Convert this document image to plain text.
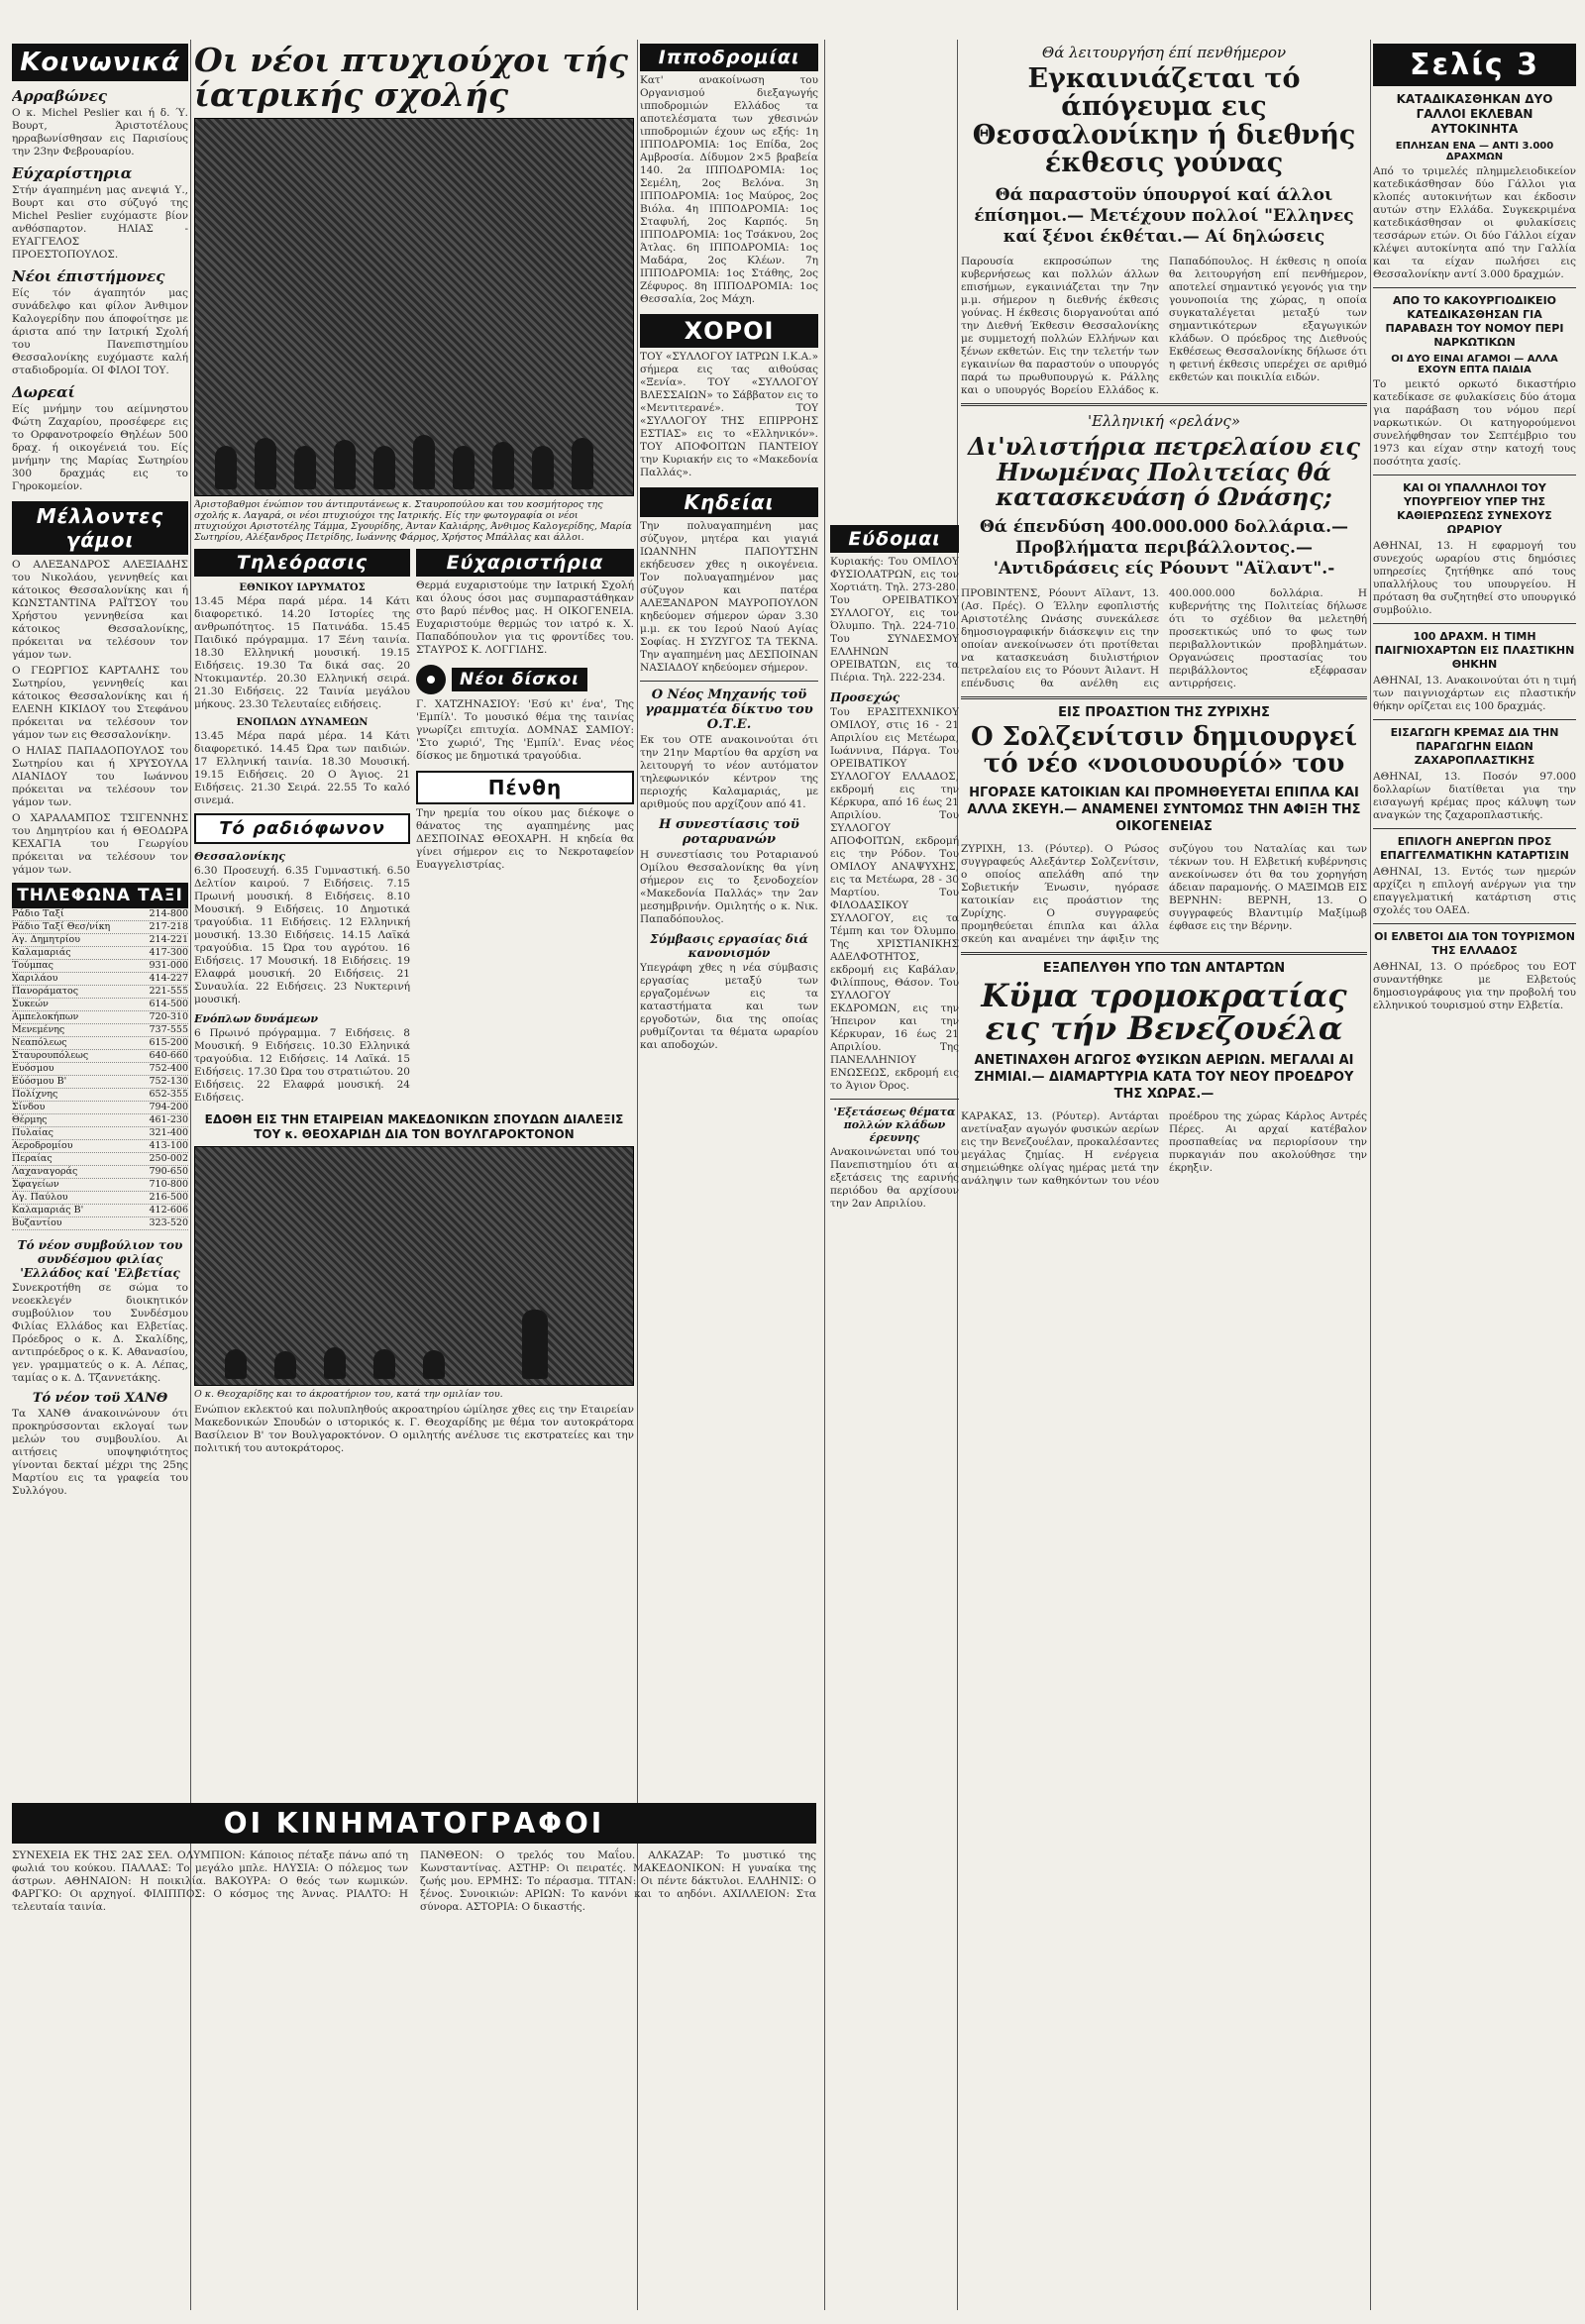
Κοινωνικά
Αρραβώνες
Ο κ. Michel Peslier και ή δ. Ύ. Βουρτ, Άριστοτέλους ηρραβωνίσθησαν εις Παρισίους την 23ην Φεβρουαρίου.
Εύχαρίστηρια
Στήν άγαπημένη μας ανεψιά Υ., Βουρτ και στο σύζυγό της Michel Peslier ευχόμαστε βίον ανθόσπαρτον. ΗΛΙΑΣ - ΕΥΑΓΓΕΛΟΣ ΠΡΟΕΣΤΟΠΟΥΛΟΣ.
Νέοι έπιστήμονες
Είς τόν άγαπητόν μας συνάδελφο και φίλον Άνθιμον Καλογερίδην που άποφοίτησε με άριστα από την Ιατρική Σχολή του Πανεπιστημίου Θεσσαλονίκης ευχόμαστε καλή σταδιοδρομία. ΟΙ ΦΙΛΟΙ ΤΟΥ.
Δωρεαί
Είς μνήμην του αείμνηστου Φώτη Ζαχαρίου, προσέφερε εις το Ορφανοτροφείο Θηλέων 500 δραχ. ή οικογένειά του. Είς μνήμην της Μαρίας Σωτηρίου 300 δραχμάς εις το Γηροκομείον.
Μέλλοντες γάμοι

Ο ΑΛΕΞΑΝΔΡΟΣ ΑΛΕΞΙΑΔΗΣ του Νικολάου, γεννηθείς και κάτοικος Θεσσαλονίκης και ή ΚΩΝΣΤΑΝΤΙΝΑ ΡΑΪΤΣΟΥ του Χρήστου γεννηθείσα και κάτοικος Θεσσαλονίκης, πρόκειται να τελέσουν τον γάμον των.

Ο ΓΕΩΡΓΙΟΣ ΚΑΡΤΑΛΗΣ του Σωτηρίου, γεννηθείς και κάτοικος Θεσσαλονίκης και ή ΕΛΕΝΗ ΚΙΚΙΔΟΥ του Στεφάνου πρόκειται να τελέσουν τον γάμον των εις Θεσσαλονίκην.

Ο ΗΛΙΑΣ ΠΑΠΑΔΟΠΟΥΛΟΣ του Σωτηρίου και ή ΧΡΥΣΟΥΛΑ ΛΙΑΝΙΔΟΥ του Ιωάννου πρόκειται να τελέσουν τον γάμον των.

Ο ΧΑΡΑΛΑΜΠΟΣ ΤΣΙΓΕΝΝΗΣ του Δημητρίου και ή ΘΕΟΔΩΡΑ ΚΕΧΑΓΙΑ του Γεωργίου πρόκειται να τελέσουν τον γάμον των.

ΤΗΛΕΦΩΝΑ ΤΑΞΙ
Ράδιο Ταξί	214-800
Ράδιο Ταξί Θεσ/νίκη	217-218
Αγ. Δημητρίου	214-221
Καλαμαριάς	417-300
Τούμπας	931-000
Χαριλάου	414-227
Πανοράματος	221-555
Συκεών	614-500
Αμπελοκήπων	720-310
Μενεμένης	737-555
Νεαπόλεως	615-200
Σταυρουπόλεως	640-660
Ευόσμου	752-400
Εύόσμου Β'	752-130
Πολίχνης	652-355
Σίνδου	794-200
Θέρμης	461-230
Πυλαίας	321-400
Αεροδρομίου	413-100
Περαίας	250-002
Λαχαναγοράς	790-650
Σφαγείων	710-800
Αγ. Παύλου	216-500
Καλαμαριάς Β'	412-606
Βυζαντίου	323-520
Τό νέον συμβούλιον του συνδέσμου φιλίας 'Ελλάδος καί 'Ελβετίας
Συνεκροτήθη σε σώμα το νεοεκλεγέν διοικητικόν συμβούλιον του Συνδέσμου Φιλίας Ελλάδος και Ελβετίας. Πρόεδρος ο κ. Δ. Σκαλίδης, αντιπρόεδρος ο κ. Κ. Αθανασίου, γεν. γραμματεύς ο κ. Α. Λέπας, ταμίας ο κ. Δ. Τζαννετάκης.
Τό νέον τοϋ ΧΑΝΘ
Τα ΧΑΝΘ άνακοινώνουν ότι προκηρύσσονται εκλογαί των μελών του συμβουλίου. Αι αιτήσεις υποψηφιότητος γίνονται δεκταί μέχρι της 25ης Μαρτίου εις τα γραφεία του Συλλόγου.
Οι νέοι πτυχιούχοι τής ίατρικής σχολής
Άριστοβαθμοι ένώπιον του άντιπρυτάνεως κ. Σταυροπούλου και του κοσμήτορος της σχολής κ. Λαγαρά, οι νέοι πτυχιούχοι της Ιατρικής. Είς την φωτογραφία οι νέοι πτυχιούχοι Αριστοτέλης Τάμμα, Σγουρίδης, Άνταν Καλιάρης, Άνθιμος Καλογερίδης, Μαρία Σωτηρίου, Αλέξανδρος Πετρίδης, Ιωάννης Φάρμος, Χρήστος Μπάλλας και άλλοι.
Τηλεόρασις
ΕΘΝΙΚΟΥ ΙΔΡΥΜΑΤΟΣ
13.45 Μέρα παρά μέρα. 14 Κάτι διαφορετικό. 14.20 Ιστορίες της ανθρωπότητος. 15 Πατινάδα. 15.45 Παιδικό πρόγραμμα. 17 Ξένη ταινία. 18.30 Ελληνική μουσική. 19.15 Ειδήσεις. 19.30 Τα δικά σας. 20 Ντοκιμαντέρ. 20.30 Ελληνική σειρά. 21.30 Ειδήσεις. 22 Ταινία μεγάλου μήκους. 23.30 Τελευταίες ειδήσεις.
ΕΝΟΠΛΩΝ ΔΥΝΑΜΕΩΝ
13.45 Μέρα παρά μέρα. 14 Κάτι διαφορετικό. 14.45 Ώρα των παιδιών. 17 Ελληνική ταινία. 18.30 Μουσική. 19.15 Ειδήσεις. 20 Ο Άγιος. 21 Ειδήσεις. 21.30 Σειρά. 22.55 Το καλό σινεμά.
Τό ραδιόφωνον
Θεσσαλονίκης
6.30 Προσευχή. 6.35 Γυμναστική. 6.50 Δελτίον καιρού. 7 Ειδήσεις. 7.15 Πρωινή μουσική. 8 Ειδήσεις. 8.10 Μουσική. 9 Ειδήσεις. 10 Δημοτικά τραγούδια. 11 Ειδήσεις. 12 Ελληνική μουσική. 13.30 Ειδήσεις. 14.15 Λαϊκά τραγούδια. 15 Ώρα του αγρότου. 16 Ειδήσεις. 17 Μουσική. 18 Ειδήσεις. 19 Ελαφρά μουσική. 20 Ειδήσεις. 21 Συναυλία. 22 Ειδήσεις. 23 Νυκτερινή μουσική.
Ενόπλων δυνάμεων
6 Πρωινό πρόγραμμα. 7 Ειδήσεις. 8 Μουσική. 9 Ειδήσεις. 10.30 Ελληνικά τραγούδια. 12 Ειδήσεις. 14 Λαϊκά. 15 Ειδήσεις. 17.30 Ώρα του στρατιώτου. 20 Ειδήσεις. 22 Ελαφρά μουσική. 24 Ειδήσεις.
Εύχαριστήρια
Θερμά ευχαριστούμε την Ιατρική Σχολή και όλους όσοι μας συμπαραστάθηκαν στο βαρύ πένθος μας. Η ΟΙΚΟΓΕΝΕΙΑ. Ευχαριστούμε θερμώς τον ιατρό κ. Χ. Παπαδόπουλον για τις φροντίδες του. ΣΤΑΥΡΟΣ Κ. ΛΟΓΓΙΔΗΣ.
Νέοι δίσκοι
Γ. ΧΑΤΖΗΝΑΣΙΟΥ: 'Εσύ κι' ένα', Της 'Εμπίλ'. Το μουσικό θέμα της ταινίας γνωρίζει επιτυχία. ΔΟΜΝΑΣ ΣΑΜΙΟΥ: 'Στο χωριό', Της 'Εμπίλ'. Ενας νέος δίσκος με δημοτικά τραγούδια.
Πένθη
Την ηρεμία του οίκου μας διέκοψε ο θάνατος της αγαπημένης μας ΔΕΣΠΟΙΝΑΣ ΘΕΟΧΑΡΗ. Η κηδεία θα γίνει σήμερον εις το Νεκροταφείον Ευαγγελιστρίας.
ΕΔΟΘΗ ΕΙΣ ΤΗΝ ΕΤΑΙΡΕΙΑΝ ΜΑΚΕΔΟΝΙΚΩΝ ΣΠΟΥΔΩΝ ΔΙΑΛΕΞΙΣ ΤΟΥ κ. ΘΕΟΧΑΡΙΔΗ ΔΙΑ ΤΟΝ ΒΟΥΛΓΑΡΟΚΤΟΝΟΝ
Ο κ. Θεοχαρίδης και το άκροατήριον του, κατά την ομιλίαν του.
Ενώπιον εκλεκτού και πολυπληθούς ακροατηρίου ώμίλησε χθες εις την Εταιρείαν Μακεδονικών Σπουδών ο ιστορικός κ. Γ. Θεοχαρίδης με θέμα τον αυτοκράτορα Βασίλειον Β' τον Βουλγαροκτόνον. Ο ομιλητής ανέλυσε τις εκστρατείες και την πολιτική του αυτοκράτορος.
Ιπποδρομίαι
Κατ' ανακοίνωση του Οργανισμού διεξαγωγής ιπποδρομιών Ελλάδος τα αποτελέσματα των χθεσινών ιπποδρομιών έχουν ως εξής: 1η ΙΠΠΟΔΡΟΜΙΑ: 1ος Επίδα, 2ος Αμβροσία. Δίδυμον 2×5 βραβεία 140. 2α ΙΠΠΟΔΡΟΜΙΑ: 1ος Σεμέλη, 2ος Βελόνα. 3η ΙΠΠΟΔΡΟΜΙΑ: 1ος Μαύρος, 2ος Βιόλα. 4η ΙΠΠΟΔΡΟΜΙΑ: 1ος Σταφυλή, 2ος Καρπός. 5η ΙΠΠΟΔΡΟΜΙΑ: 1ος Τσάκνου, 2ος Άτλας. 6η ΙΠΠΟΔΡΟΜΙΑ: 1ος Μαδάρα, 2ος Κλέων. 7η ΙΠΠΟΔΡΟΜΙΑ: 1ος Στάθης, 2ος Ζέφυρος. 8η ΙΠΠΟΔΡΟΜΙΑ: 1ος Θεσσαλία, 2ος Μάχη.
ΧΟΡΟΙ
ΤΟΥ «ΣΥΛΛΟΓΟΥ ΙΑΤΡΩΝ Ι.Κ.Α.» σήμερα εις τας αιθούσας «Ξενία». ΤΟΥ «ΣΥΛΛΟΓΟΥ ΒΛΕΣΣΑΙΩΝ» το Σάββατον εις το «Μεντιτερανέ». ΤΟΥ «ΣΥΛΛΟΓΟΥ ΤΗΣ ΕΠΙΡΡΟΗΣ ΕΣΤΙΑΣ» εις το «Ελληνικόν». ΤΟΥ ΑΠΟΦΟΙΤΩΝ ΠΑΝΤΕΙΟΥ την Κυριακήν εις το «Μακεδονία Παλλάς».
Κηδείαι
Την πολυαγαπημένη μας σύζυγον, μητέρα και γιαγιά ΙΩΑΝΝΗΝ ΠΑΠΟΥΤΣΗΝ εκήδευσεν χθες η οικογένεια. Τον πολυαγαπημένον μας σύζυγον και πατέρα ΑΛΕΞΑΝΔΡΟΝ ΜΑΥΡΟΠΟΥΛΟΝ κηδεύομεν σήμερον ώραν 3.30 μ.μ. εκ του Ιερού Ναού Αγίας Σοφίας. Η ΣΥΖΥΓΟΣ ΤΑ ΤΕΚΝΑ. Την αγαπημένη μας ΔΕΣΠΟΙΝΑΝ ΝΑΣΙΑΔΟΥ κηδεύομεν σήμερον.
Ο Νέος Μηχανής τοϋ γραμματέα δίκτυο του Ο.Τ.Ε.
Εκ του ΟΤΕ ανακοινούται ότι την 21ην Μαρτίου θα αρχίση να λειτουργή το νέον αυτόματον τηλεφωνικόν κέντρον της περιοχής Καλαμαριάς, με αριθμούς που αρχίζουν από 41.
Η συνεστίασις τοϋ ροταρυανών
Η συνεστίασις του Ροταριανού Ομίλου Θεσσαλονίκης θα γίνη σήμερον εις το ξενοδοχείον «Μακεδονία Παλλάς» την 2αν μεσημβρινήν. Ομιλητής ο κ. Νικ. Παπαδόπουλος.
Σύμβασις εργασίας διά κανονισμόν
Υπεγράφη χθες η νέα σύμβασις εργασίας μεταξύ των εργαζομένων εις τα καταστήματα και των εργοδοτών, δια της οποίας ρυθμίζονται τα θέματα ωραρίου και αποδοχών.
Εύδομαι
Κυριακής: Του ΟΜΙΛΟΥ ΦΥΣΙΟΛΑΤΡΩΝ, εις τον Χορτιάτη. Τηλ. 273-280. Του ΟΡΕΙΒΑΤΙΚΟΥ ΣΥΛΛΟΓΟΥ, εις τον Όλυμπο. Τηλ. 224-710. Του ΣΥΝΔΕΣΜΟΥ ΕΛΛΗΝΩΝ ΟΡΕΙΒΑΤΩΝ, εις τα Πιέρια. Τηλ. 222-234.
Προσεχώς
Του ΕΡΑΣΙΤΕΧΝΙΚΟΥ ΟΜΙΛΟΥ, στις 16 - 21 Απριλίου εις Μετέωρα, Ιωάννινα, Πάργα. Του ΟΡΕΙΒΑΤΙΚΟΥ ΣΥΛΛΟΓΟΥ ΕΛΛΑΔΟΣ, εκδρομή εις την Κέρκυρα, από 16 έως 21 Απριλίου. Του ΣΥΛΛΟΓΟΥ ΑΠΟΦΟΙΤΩΝ, εκδρομή εις την Ρόδον. Του ΟΜΙΛΟΥ ΑΝΑΨΥΧΗΣ, εις τα Μετέωρα, 28 - 30 Μαρτίου. Του ΦΙΛΟΔΑΣΙΚΟΥ ΣΥΛΛΟΓΟΥ, εις τα Τέμπη και τον Όλυμπο. Της ΧΡΙΣΤΙΑΝΙΚΗΣ ΑΔΕΛΦΟΤΗΤΟΣ, εκδρομή εις Καβάλαν, Φιλίππους, Θάσον. Του ΣΥΛΛΟΓΟΥ ΕΚΔΡΟΜΩΝ, εις την Ήπειρον και την Κέρκυραν, 16 έως 21 Απριλίου. Της ΠΑΝΕΛΛΗΝΙΟΥ ΕΝΩΣΕΩΣ, εκδρομή εις το Άγιον Όρος.
'Εξετάσεως θέματα πολλών κλάδων έρευνης
Ανακοινώνεται υπό του Πανεπιστημίου ότι αι εξετάσεις της εαρινής περιόδου θα αρχίσουν την 2αν Απριλίου.
Θά λειτουργήση έπί πενθήμερον
Εγκαινιάζεται τό άπόγευμα εις Θεσσαλονίκην ή διεθνής έκθεσις γούνας
Θά παραστοϋν ύπουργοί καί άλλοι έπίσημοι.— Μετέχουν πολλοί "Ελληνες καί ξένοι έκθέται.— Αί δηλώσεις
Παρουσία εκπροσώπων της κυβερνήσεως και πολλών άλλων επισήμων, εγκαινιάζεται την 7ην μ.μ. σήμερον η διεθνής έκθεσις γούνας. Η έκθεσις διοργανούται από την Διεθνή Έκθεσιν Θεσσαλονίκης με συμμετοχή πολλών Ελλήνων και ξένων εκθετών. Εις την τελετήν των εγκαινίων θα παραστούν ο υπουργός παρά τω πρωθυπουργώ κ. Ράλλης και ο υπουργός Βορείου Ελλάδος κ. Παπαδόπουλος. Η έκθεσις η οποία θα λειτουργήση επί πενθήμερον, αποτελεί σημαντικό γεγονός για την γουνοποιία της χώρας, η οποία συγκαταλέγεται μεταξύ των σημαντικότερων εξαγωγικών κλάδων. Ο πρόεδρος της Διεθνούς Εκθέσεως Θεσσαλονίκης δήλωσε ότι η φετινή έκθεσις υπερέχει σε αριθμό εκθετών και ποικιλία ειδών.
'Ελληνική «ρελάνς»
Δι'υλιστήρια πετρελαίου εις Ηνωμένας Πολιτείας θά κατασκευάση ό Ωνάσης;
Θά έπενδύση 400.000.000 δολλάρια.— Προβλήματα περιβάλλοντος.— 'Αντιδράσεις είς Ρόουντ "Αϊλαντ".-
ΠΡΟΒΙΝΤΕΝΣ, Ρόουντ Αϊλαντ, 13. (Ασ. Πρές). Ο Έλλην εφοπλιστής Αριστοτέλης Ωνάσης συνεκάλεσε δημοσιογραφικήν διάσκεψιν εις την οποίαν ανεκοίνωσεν ότι προτίθεται να κατασκευάση διυλιστήριον πετρελαίου εις το Ρόουντ Άιλαντ. Η επένδυσις θα ανέλθη εις 400.000.000 δολλάρια. Η κυβερνήτης της Πολιτείας δήλωσε ότι το σχέδιον θα μελετηθή προσεκτικώς υπό το φως των περιβαλλοντικών προβλημάτων. Οργανώσεις προστασίας του περιβάλλοντος εξέφρασαν αντιρρήσεις.
ΕΙΣ ΠΡΟΑΣΤΙΟΝ ΤΗΣ ΖΥΡΙΧΗΣ
Ο Σολζενίτσιν δημιουργεί τό νέο «νοιουουρίό» του
ΗΓΟΡΑΣΕ ΚΑΤΟΙΚΙΑΝ ΚΑΙ ΠΡΟΜΗΘΕΥΕΤΑΙ ΕΠΙΠΛΑ ΚΑΙ ΑΛΛΑ ΣΚΕΥΗ.— ΑΝΑΜΕΝΕΙ ΣΥΝΤΟΜΩΣ ΤΗΝ ΑΦΙΞΗ ΤΗΣ ΟΙΚΟΓΕΝΕΙΑΣ
ΖΥΡΙΧΗ, 13. (Ρόυτερ). Ο Ρώσος συγγραφεύς Αλεξάντερ Σολζενίτσιν, ο οποίος απελάθη από την Σοβιετικήν Ένωσιν, ηγόρασε κατοικίαν εις προάστιον της Ζυρίχης. Ο συγγραφεύς προμηθεύεται έπιπλα και άλλα σκεύη και αναμένει την άφιξιν της συζύγου του Ναταλίας και των τέκνων του. Η Ελβετική κυβέρνησις ανεκοίνωσεν ότι θα του χορηγήση άδειαν παραμονής. Ο ΜΑΞΙΜΩΒ ΕΙΣ ΒΕΡΝΗΝ: ΒΕΡΝΗ, 13. Ο συγγραφεύς Βλαντιμίρ Μαξίμωβ έφθασε εις την Βέρνην.
ΕΞΑΠΕΛΥΘΗ ΥΠΟ ΤΩΝ ΑΝΤΑΡΤΩΝ
Κϋμα τρομοκρατίας εις τήν Βενεζουέλα
ΑΝΕΤΙΝΑΧΘΗ ΑΓΩΓΟΣ ΦΥΣΙΚΩΝ ΑΕΡΙΩΝ. ΜΕΓΑΛΑΙ ΑΙ ΖΗΜΙΑΙ.— ΔΙΑΜΑΡΤΥΡΙΑ ΚΑΤΑ ΤΟΥ ΝΕΟΥ ΠΡΟΕΔΡΟΥ ΤΗΣ ΧΩΡΑΣ.—
ΚΑΡΑΚΑΣ, 13. (Ρόυτερ). Αντάρται ανετίναξαν αγωγόν φυσικών αερίων εις την Βενεζουέλαν, προκαλέσαντες μεγάλας ζημίας. Η ενέργεια σημειώθηκε ολίγας ημέρας μετά την ανάληψιν των καθηκόντων του νέου προέδρου της χώρας Κάρλος Αντρές Πέρες. Αι αρχαί κατέβαλον προσπαθείας να περιορίσουν την πυρκαγιάν που ακολούθησε την έκρηξιν.
Σελίς 3
ΚΑΤΑΔΙΚΑΣΘΗΚΑΝ ΔΥΟ ΓΑΛΛΟΙ ΕΚΛΕΒΑΝ ΑΥΤΟΚΙΝΗΤΑ
ΕΠΛΗΣΑΝ ΕΝΑ — ΑΝΤΙ 3.000 ΔΡΑΧΜΩΝ
Από το τριμελές πλημμελειοδικείον κατεδικάσθησαν δύο Γάλλοι για κλοπές αυτοκινήτων και έκδοσιν αυτών στην Ελλάδα. Συγκεκριμένα κατεδικάσθησαν οι φυλακίσεις τεσσάρων ετών. Οι δύο Γάλλοι είχαν κλέψει αυτοκίνητα από την Γαλλία και τα είχαν πωλήσει εις Θεσσαλονίκην αντί 3.000 δραχμών.
ΑΠΟ ΤΟ ΚΑΚΟΥΡΓΙΟΔΙΚΕΙΟ ΚΑΤΕΔΙΚΑΣΘΗΣΑΝ ΓΙΑ ΠΑΡΑΒΑΣΗ ΤΟΥ ΝΟΜΟΥ ΠΕΡΙ ΝΑΡΚΩΤΙΚΩΝ
ΟΙ ΔΥΟ ΕΙΝΑΙ ΑΓΑΜΟΙ — ΑΛΛΑ ΕΧΟΥΝ ΕΠΤΑ ΠΑΙΔΙΑ
Το μεικτό ορκωτό δικαστήριο κατεδίκασε σε φυλακίσεις δύο άτομα για παράβαση του νόμου περί ναρκωτικών. Οι κατηγορούμενοι συνελήφθησαν τον Σεπτέμβριο του 1973 και είχαν στην κατοχή τους ποσότητα χασίς.
ΚΑΙ ΟΙ ΥΠΑΛΛΗΛΟΙ ΤΟΥ ΥΠΟΥΡΓΕΙΟΥ ΥΠΕΡ ΤΗΣ ΚΑΘΙΕΡΩΣΕΩΣ ΣΥΝΕΧΟΥΣ ΩΡΑΡΙΟΥ
ΑΘΗΝΑΙ, 13. Η εφαρμογή του συνεχούς ωραρίου στις δημόσιες υπηρεσίες ζητήθηκε από τους υπαλλήλους του υπουργείου. Η πρόταση θα συζητηθεί στο υπουργικό συμβούλιο.
100 ΔΡΑΧΜ. Η ΤΙΜΗ ΠΑΙΓΝΙΟΧΑΡΤΩΝ ΕΙΣ ΠΛΑΣΤΙΚΗΝ ΘΗΚΗΝ
ΑΘΗΝΑΙ, 13. Ανακοινούται ότι η τιμή των παιγνιοχάρτων εις πλαστικήν θήκην ορίζεται εις 100 δραχμάς.
ΕΙΣΑΓΩΓΗ ΚΡΕΜΑΣ ΔΙΑ ΤΗΝ ΠΑΡΑΓΩΓΗΝ ΕΙΔΩΝ ΖΑΧΑΡΟΠΛΑΣΤΙΚΗΣ
ΑΘΗΝΑΙ, 13. Ποσόν 97.000 δολλαρίων διατίθεται για την εισαγωγή κρέμας προς κάλυψη των αναγκών της ζαχαροπλαστικής.
ΕΠΙΛΟΓΗ ΑΝΕΡΓΩΝ ΠΡΟΣ ΕΠΑΓΓΕΛΜΑΤΙΚΗΝ ΚΑΤΑΡΤΙΣΙΝ
ΑΘΗΝΑΙ, 13. Εντός των ημερών αρχίζει η επιλογή ανέργων για την επαγγελματική κατάρτιση στις σχολές του ΟΑΕΔ.
ΟΙ ΕΛΒΕΤΟΙ ΔΙΑ ΤΟΝ ΤΟΥΡΙΣΜΟΝ ΤΗΣ ΕΛΛΑΔΟΣ
ΑΘΗΝΑΙ, 13. Ο πρόεδρος του ΕΟΤ συναντήθηκε με Ελβετούς δημοσιογράφους για την προβολή του ελληνικού τουρισμού στην Ελβετία.
ΟΙ ΚΙΝΗΜΑΤΟΓΡΑΦΟΙ
ΣΥΝΕΧΕΙΑ ΕΚ ΤΗΣ 2ΑΣ ΣΕΛ. ΟΛΥΜΠΙΟΝ: Κάποιος πέταξε πάνω από τη φωλιά του κούκου. ΠΑΛΛΑΣ: Το μεγάλο μπλε. ΗΛΥΣΙΑ: Ο πόλεμος των άστρων. ΑΘΗΝΑΙΟΝ: Η ποικιλία. ΒΑΚΟΥΡΑ: Ο θεός των κωμικών. ΦΑΡΓΚΟ: Οι αρχηγοί. ΦΙΛΙΠΠΟΣ: Ο κόσμος της Άννας. ΡΙΑΛΤΟ: Η τελευταία ταινία.
ΠΑΝΘΕΟΝ: Ο τρελός του Μαΐου. ΑΛΚΑΖΑΡ: Το μυστικό της Κωνσταντίνας. ΑΣΤΗΡ: Οι πειρατές. ΜΑΚΕΔΟΝΙΚΟΝ: Η γυναίκα της ζωής μου. ΕΡΜΗΣ: Το πέρασμα. ΤΙΤΑΝ: Οι πέντε δάκτυλοι. ΕΛΛΗΝΙΣ: Ο ξένος. Συνοικιών: ΑΡΙΩΝ: Το κανόνι και το αηδόνι. ΑΧΙΛΛΕΙΟΝ: Στα σύνορα. ΑΣΤΟΡΙΑ: Ο δικαστής.
